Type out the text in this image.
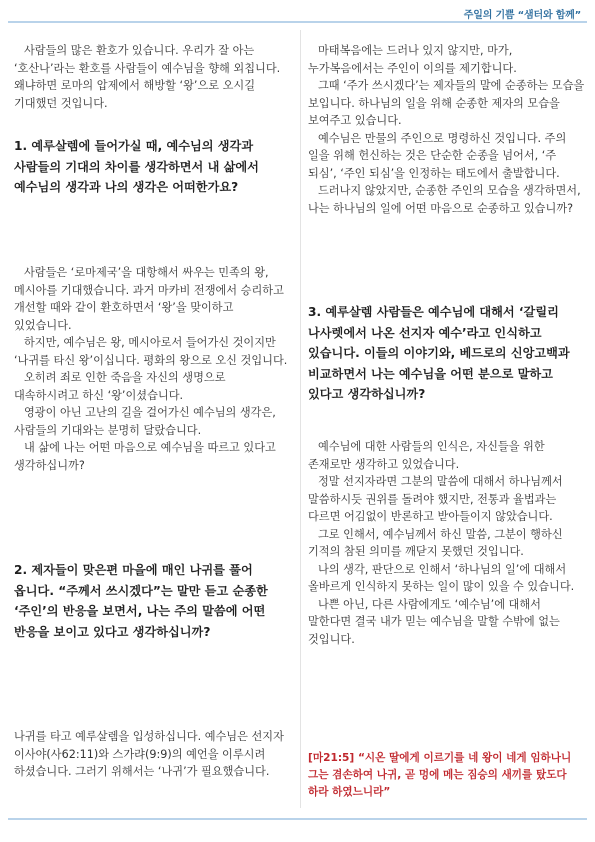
주일의 기쁨 “샘터와 함께”

사람들의 많은 환호가 있습니다. 우리가 잘 아는 ‘호산나’라는 환호를 사람들이 예수님을 향해 외칩니다. 왜냐하면 로마의 압제에서 해방할 ‘왕’으로 오시길 기대했던 것입니다.

1. 예루살렘에 들어가실 때, 예수님의 생각과 사람들의 기대의 차이를 생각하면서 내 삶에서 예수님의 생각과 나의 생각은 어떠한가요?

사람들은 ‘로마제국’을 대항해서 싸우는 민족의 왕, 메시아를 기대했습니다. 과거 마카비 전쟁에서 승리하고 개선할 때와 같이 환호하면서 ‘왕’을 맞이하고 있었습니다.

하지만, 예수님은 왕, 메시아로서 들어가신 것이지만 ‘나귀를 타신 왕’이십니다. 평화의 왕으로 오신 것입니다.

오히려 죄로 인한 죽음을 자신의 생명으로 대속하시려고 하신 ‘왕’이셨습니다.

영광이 아닌 고난의 길을 걸어가신 예수님의 생각은, 사람들의 기대와는 분명히 달랐습니다.

내 삶에 나는 어떤 마음으로 예수님을 따르고 있다고 생각하십니까?

2. 제자들이 맞은편 마을에 매인 나귀를 풀어 옵니다. “주께서 쓰시겠다”는 말만 듣고 순종한 ‘주인’의 반응을 보면서, 나는 주의 말씀에 어떤 반응을 보이고 있다고 생각하십니까?

나귀를 타고 예루살렘을 입성하십니다. 예수님은 선지자 이사야(사62:11)와 스가랴(9:9)의 예언을 이루시려 하셨습니다. 그러기 위해서는 ‘나귀’가 필요했습니다.

마태복음에는 드러나 있지 않지만, 마가,누가복음에서는 주인이 이의를 제기합니다.

그때 ‘주가 쓰시겠다’는 제자들의 말에 순종하는 모습을 보입니다. 하나님의 일을 위해 순종한 제자의 모습을 보여주고 있습니다.

예수님은 만물의 주인으로 명령하신 것입니다. 주의 일을 위해 헌신하는 것은 단순한 순종을 넘어서, ‘주 되심’, ‘주인 되심’을 인정하는 태도에서 출발합니다.

드러나지 않았지만, 순종한 주인의 모습을 생각하면서, 나는 하나님의 일에 어떤 마음으로 순종하고 있습니까?

3. 예루살렘 사람들은 예수님에 대해서 ‘갈릴리 나사렛에서 나온 선지자 예수’라고 인식하고 있습니다. 이들의 이야기와, 베드로의 신앙고백과 비교하면서 나는 예수님을 어떤 분으로 말하고 있다고 생각하십니까?

예수님에 대한 사람들의 인식은, 자신들을 위한 존재로만 생각하고 있었습니다.

정말 선지자라면 그분의 말씀에 대해서 하나님께서 말씀하시듯 권위를 돌려야 했지만, 전통과 율법과는 다르면 어김없이 반론하고 받아들이지 않았습니다.

그로 인해서, 예수님께서 하신 말씀, 그분이 행하신 기적의 참된 의미를 깨닫지 못했던 것입니다.

나의 생각, 판단으로 인해서 ‘하나님의 일’에 대해서 올바르게 인식하지 못하는 일이 많이 있을 수 있습니다.

나쁜 아닌, 다른 사람에게도 ‘예수님’에 대해서 말한다면 결국 내가 믿는 예수님을 말할 수밖에 없는 것입니다.

[마21:5] “시온 딸에게 이르기를 네 왕이 네게 임하나니 그는 겸손하여 나귀, 곧 멍에 메는 짐승의 새끼를 탔도다 하라 하였느니라”
